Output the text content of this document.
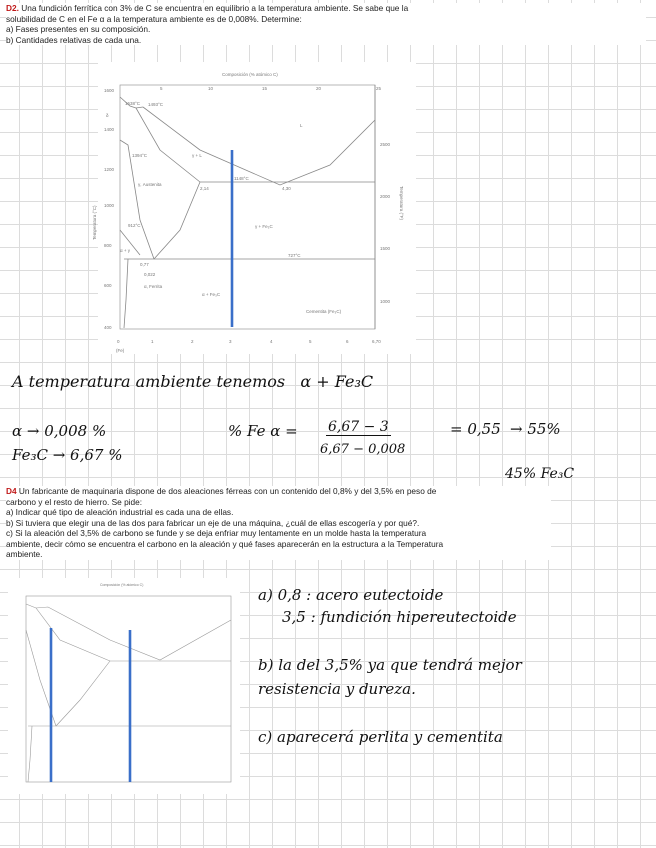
D2. Una fundición ferrítica con 3% de C se encuentra en equilibrio a la temperatura ambiente. Se sabe que la
solubilidad de C en el Fe α a la temperatura ambiente es de 0,008%. Determine:
a) Fases presentes en su composición.
b) Cantidades relativas de cada una.
Composición (% atómico C)
5	10	15	20	25
1600
1400
1200
1000
800
600
400
2500
2000
1500
1000
0	1	2	3	4	5	6	6,70
(Fe)
Temperatura (°C)
Temperatura (°F)
1538°C 1493°C
δ
L
1394°C	γ + L
1148°C
γ, Austenita
2,14	4,30
912°C	γ + Fe₃C
α + γ
727°C
0,77
0,022
α, Ferrita
α + Fe₃C
Cementita (Fe₃C)
A temperatura ambiente tenemos   α + Fe₃C
α → 0,008 %
Fe₃C → 6,67 %
% Fe α = 6,67 − 3
6,67 − 0,008
= 0,55 → 55%
45% Fe₃C
D4 Un fabricante de maquinaria dispone de dos aleaciones férreas con un contenido del 0,8% y del 3,5% en peso de
carbono y el resto de hierro. Se pide:
a) Indicar qué tipo de aleación industrial es cada una de ellas.
b) Si tuviera que elegir una de las dos para fabricar un eje de una máquina, ¿cuál de ellas escogería y por qué?.
c) Si la aleación del 3,5% de carbono se funde y se deja enfriar muy lentamente en un molde hasta la temperatura
ambiente, decir cómo se encuentra el carbono en la aleación y qué fases aparecerán en la estructura a la Temperatura
ambiente.
Composición (% atómico C)
a) 0,8 : acero eutectoide
3,5 : fundición hipereutectoide
b) la del 3,5% ya que tendrá mejor
resistencia y dureza.
c) aparecerá perlita y cementita
